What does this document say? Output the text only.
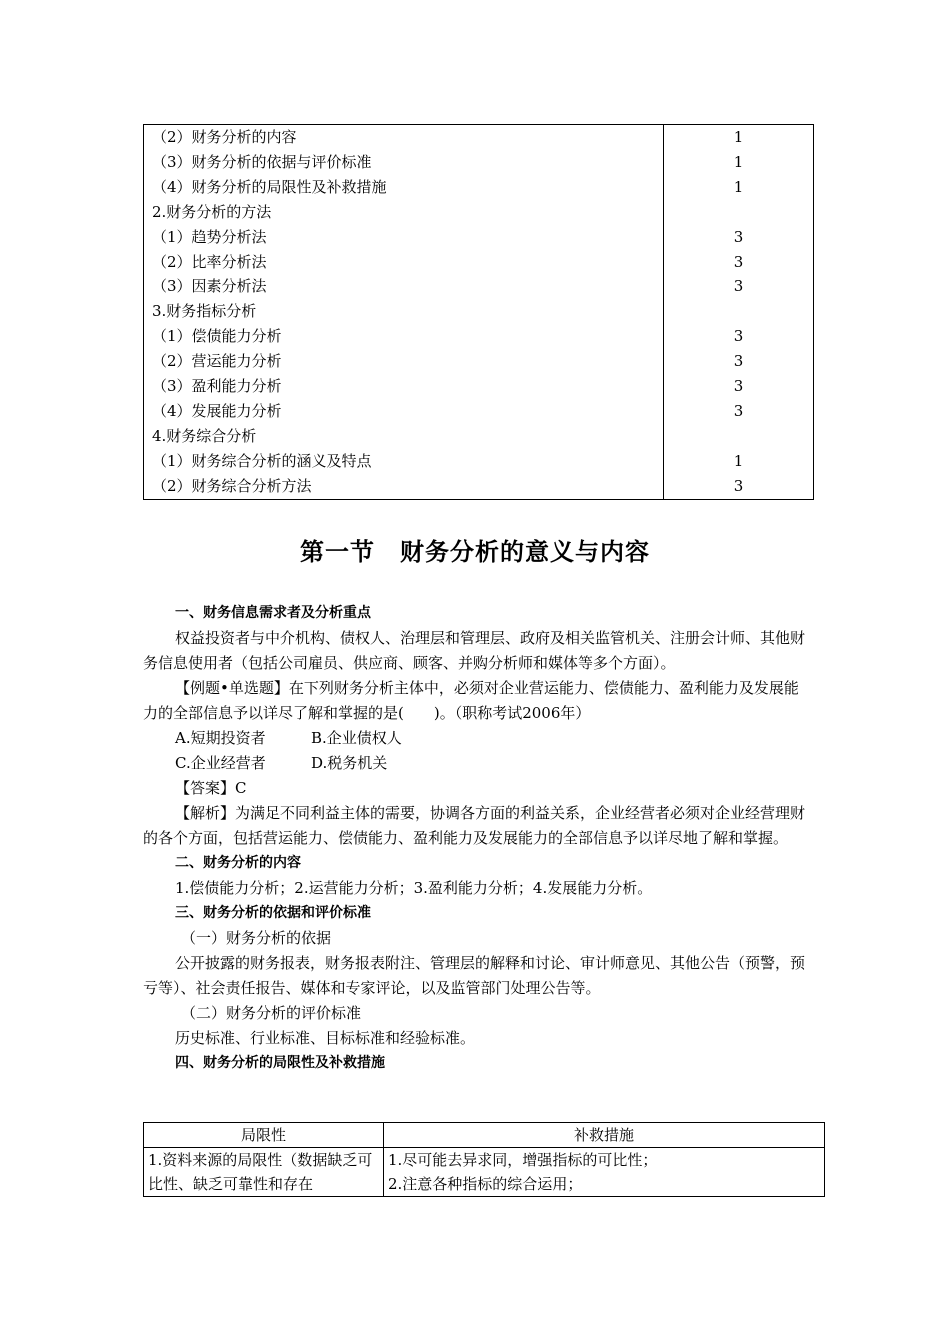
（2）财务分析的内容	1
（3）财务分析的依据与评价标准	1
（4）财务分析的局限性及补救措施	1
2.财务分析的方法	
（1）趋势分析法	3
（2）比率分析法	3
（3）因素分析法	3
3.财务指标分析	
（1）偿债能力分析	3
（2）营运能力分析	3
（3）盈利能力分析	3
（4）发展能力分析	3
4.财务综合分析	
（1）财务综合分析的涵义及特点	1
（2）财务综合分析方法	3
第一节　财务分析的意义与内容

一、财务信息需求者及分析重点

权益投资者与中介机构、债权人、治理层和管理层、政府及相关监管机关、注册会计师、其他财务信息使用者（包括公司雇员、供应商、顾客、并购分析师和媒体等多个方面）。

【例题•单选题】在下列财务分析主体中，必须对企业营运能力、偿债能力、盈利能力及发展能力的全部信息予以详尽了解和掌握的是(　　)。（职称考试2006年）

A.短期投资者	B.企业债权人

C.企业经营者	D.税务机关

【答案】C

【解析】为满足不同利益主体的需要，协调各方面的利益关系，企业经营者必须对企业经营理财的各个方面，包括营运能力、偿债能力、盈利能力及发展能力的全部信息予以详尽地了解和掌握。

二、财务分析的内容

1.偿债能力分析；2.运营能力分析；3.盈利能力分析；4.发展能力分析。

三、财务分析的依据和评价标准

（一）财务分析的依据

公开披露的财务报表，财务报表附注、管理层的解释和讨论、审计师意见、其他公告（预警，预亏等）、社会责任报告、媒体和专家评论，以及监管部门处理公告等。

（二）财务分析的评价标准

历史标准、行业标准、目标标准和经验标准。

四、财务分析的局限性及补救措施

局限性	补救措施
1.资料来源的局限性（数据缺乏可比性、缺乏可靠性和存在	1.尽可能去异求同，增强指标的可比性；
2.注意各种指标的综合运用；
